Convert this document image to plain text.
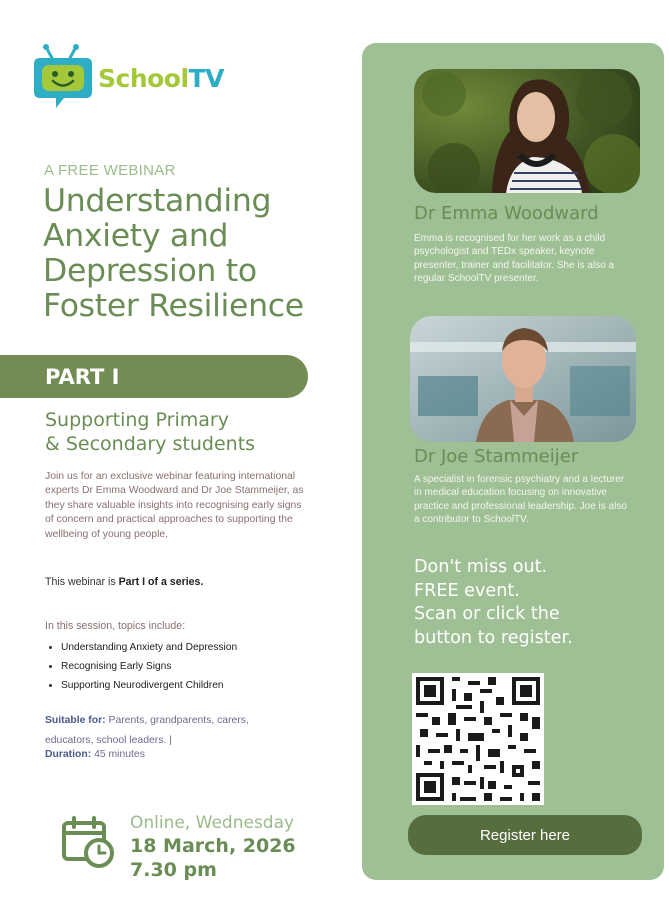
SchoolTV
A FREE WEBINAR
Understanding
Anxiety and
Depression to
Foster Resilience
PART I
Supporting Primary
& Secondary students

Join us for an exclusive webinar featuring international experts Dr Emma Woodward and Dr Joe Stammeijer, as they share valuable insights into recognising early signs of concern and practical approaches to supporting the wellbeing of young people.

This webinar is Part I of a series.
In this session, topics include:
Understanding Anxiety and Depression
Recognising Early Signs
Supporting Neurodivergent Children
Suitable for: Parents, grandparents, carers, educators, school leaders. |
Duration: 45 minutes
Online, Wednesday
18 March, 2026
7.30 pm
Dr Emma Woodward

Emma is recognised for her work as a child psychologist and TEDx speaker, keynote presenter, trainer and facilitator. She is also a regular SchoolTV presenter.

Dr Joe Stammeijer

A specialist in forensic psychiatry and a lecturer in medical education focusing on innovative practice and professional leadership. Joe is also a contributor to SchoolTV.

Don't miss out.
FREE event.
Scan or click the
button to register.
Register here
